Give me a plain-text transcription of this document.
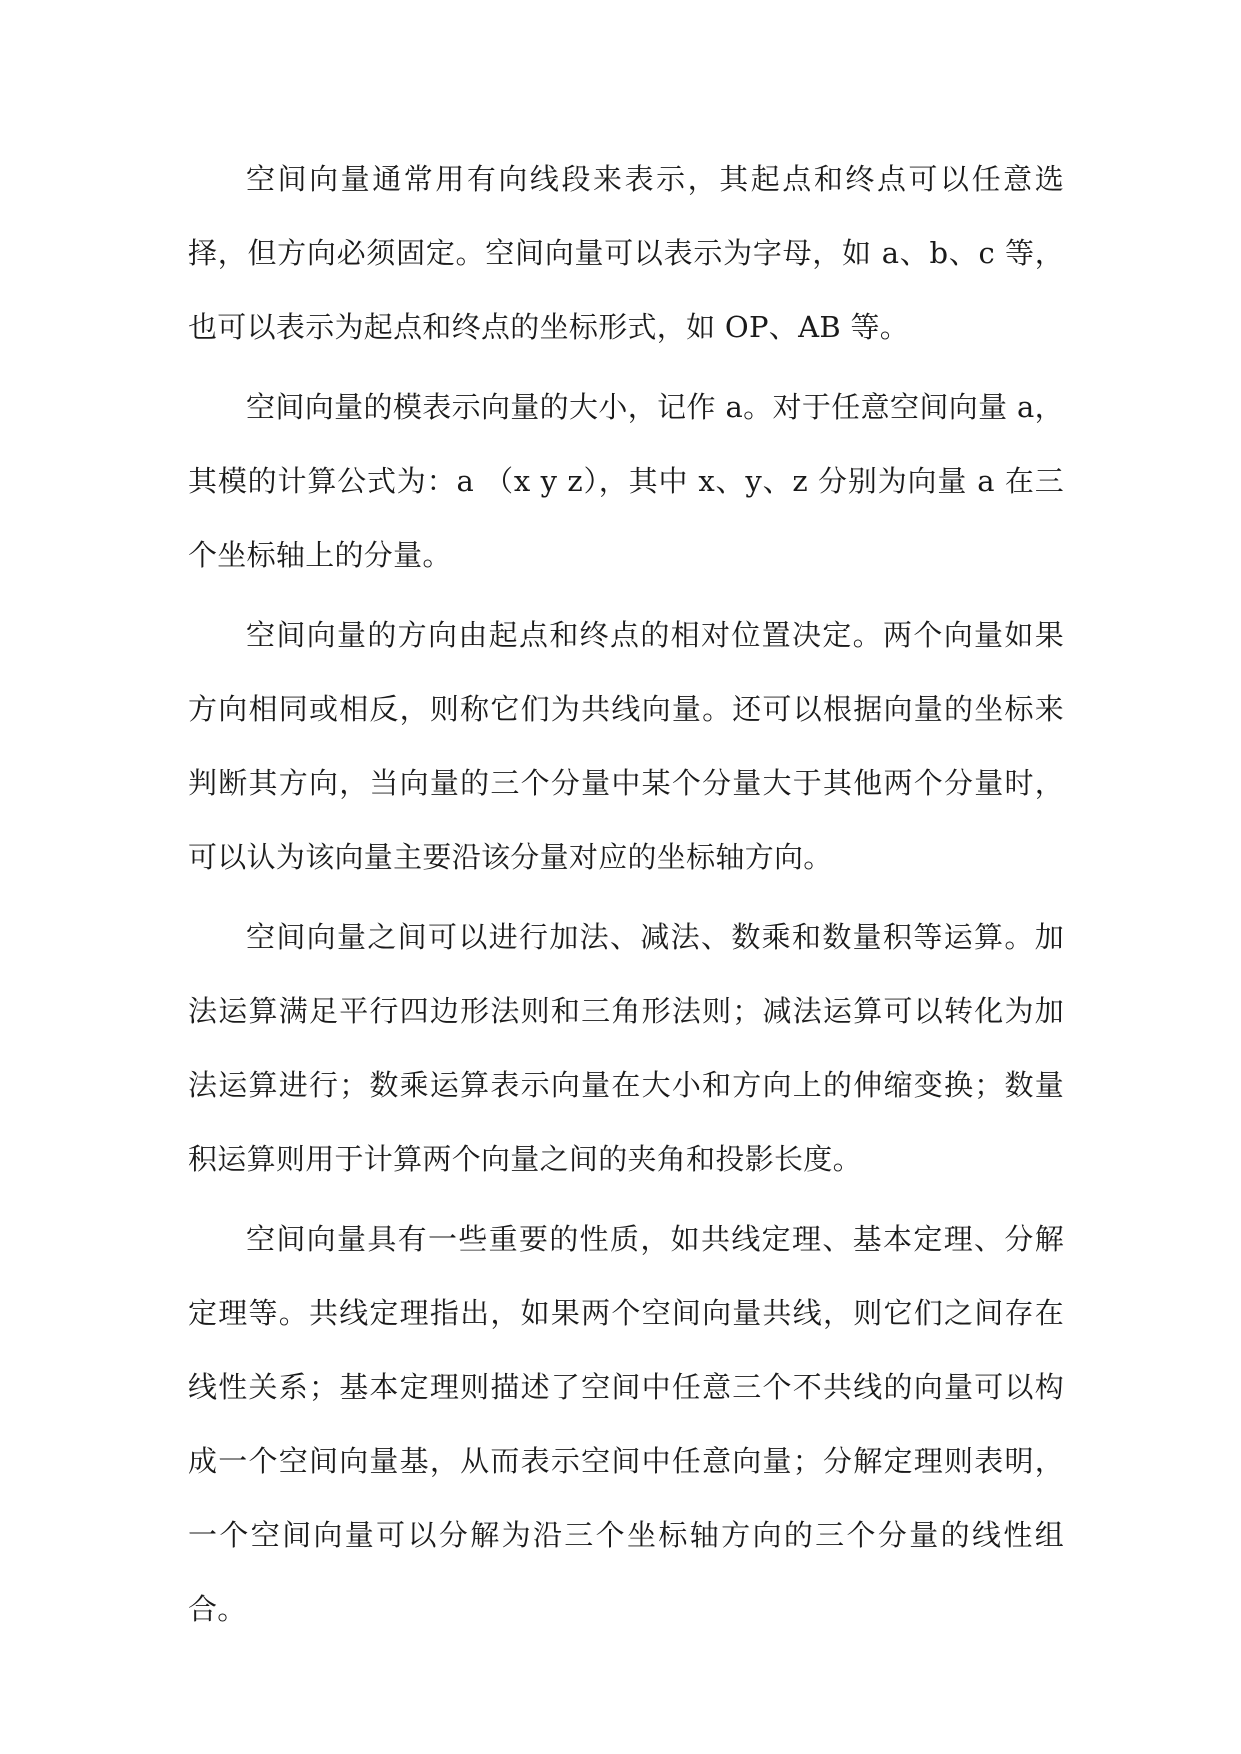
空间向量通常用有向线段来表示，其起点和终点可以任意选择，但方向必须固定。空间向量可以表示为字母，如 a、b、c 等，也可以表示为起点和终点的坐标形式，如 OP、AB 等。

空间向量的模表示向量的大小，记作 a。对于任意空间向量 a，其模的计算公式为：a （x y z），其中 x、y、z 分别为向量 a 在三个坐标轴上的分量。

空间向量的方向由起点和终点的相对位置决定。两个向量如果方向相同或相反，则称它们为共线向量。还可以根据向量的坐标来判断其方向，当向量的三个分量中某个分量大于其他两个分量时，可以认为该向量主要沿该分量对应的坐标轴方向。

空间向量之间可以进行加法、减法、数乘和数量积等运算。加法运算满足平行四边形法则和三角形法则；减法运算可以转化为加法运算进行；数乘运算表示向量在大小和方向上的伸缩变换；数量积运算则用于计算两个向量之间的夹角和投影长度。

空间向量具有一些重要的性质，如共线定理、基本定理、分解定理等。共线定理指出，如果两个空间向量共线，则它们之间存在线性关系；基本定理则描述了空间中任意三个不共线的向量可以构成一个空间向量基，从而表示空间中任意向量；分解定理则表明，一个空间向量可以分解为沿三个坐标轴方向的三个分量的线性组合。
